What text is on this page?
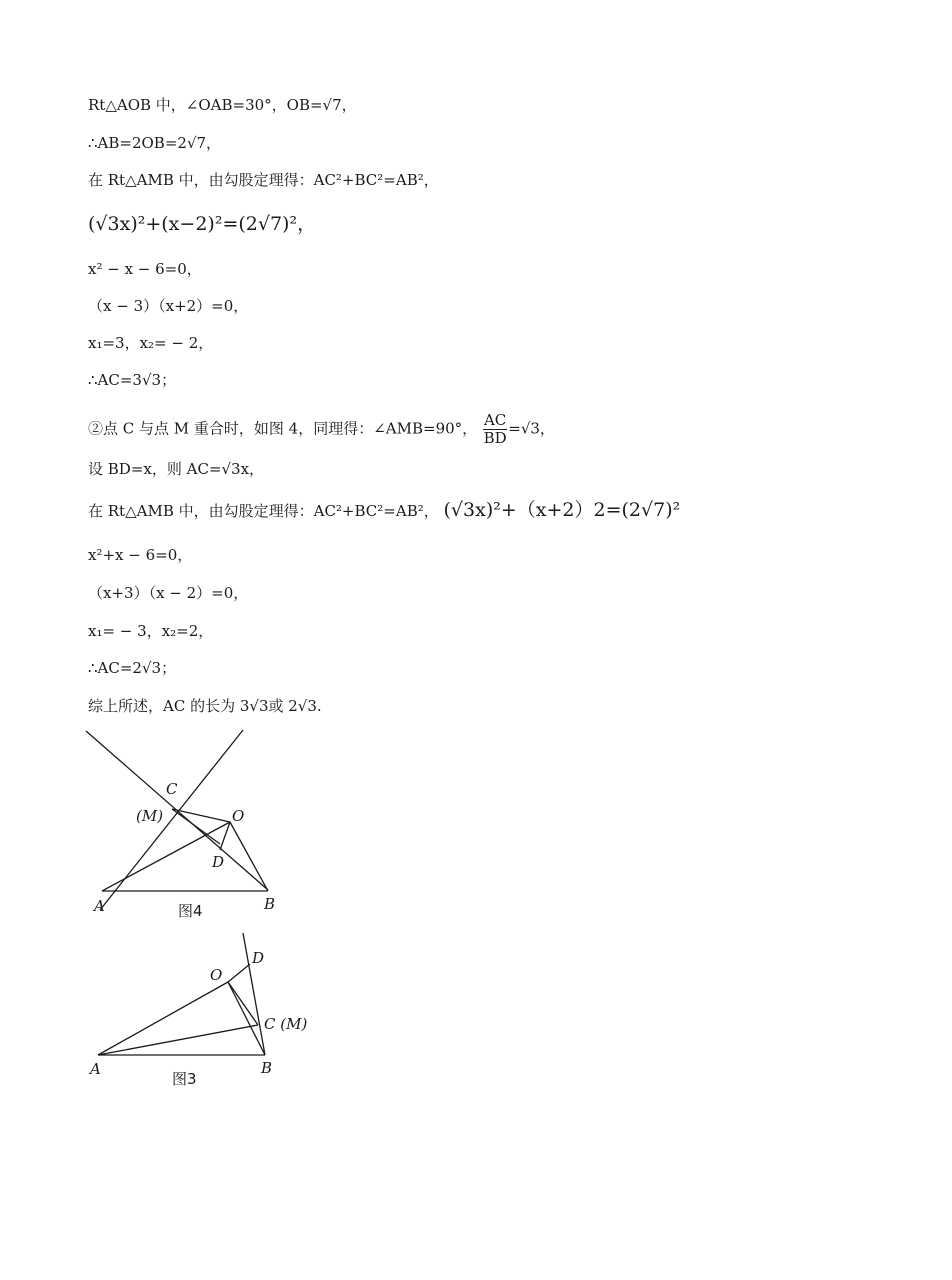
Rt△AOB 中，∠OAB=30°，OB=√7，
∴AB=2OB=2√7，
在 Rt△AMB 中，由勾股定理得：AC²+BC²=AB²，
(√3x)²+(x−2)²=(2√7)²，
x² − x − 6=0，
（x − 3）（x+2）=0，
x₁=3，x₂= − 2，
∴AC=3√3；
②点 C 与点 M 重合时，如图 4，同理得：∠AMB=90°， $\frac{AC}{BD} =√3$，
设 BD=x，则 AC=√3x，
在 Rt△AMB 中，由勾股定理得：AC²+BC²=AB²， (√3x)²+（x+2）2=(2√7)²
x²+x − 6=0，
（x+3）（x − 2）=0，
x₁= − 3，x₂=2，
∴AC=2√3；
综上所述，AC 的长为 3√3或 2√3.
C
(M)	O
D
A	B
图4
O
D
C (M)
A	B
图3
